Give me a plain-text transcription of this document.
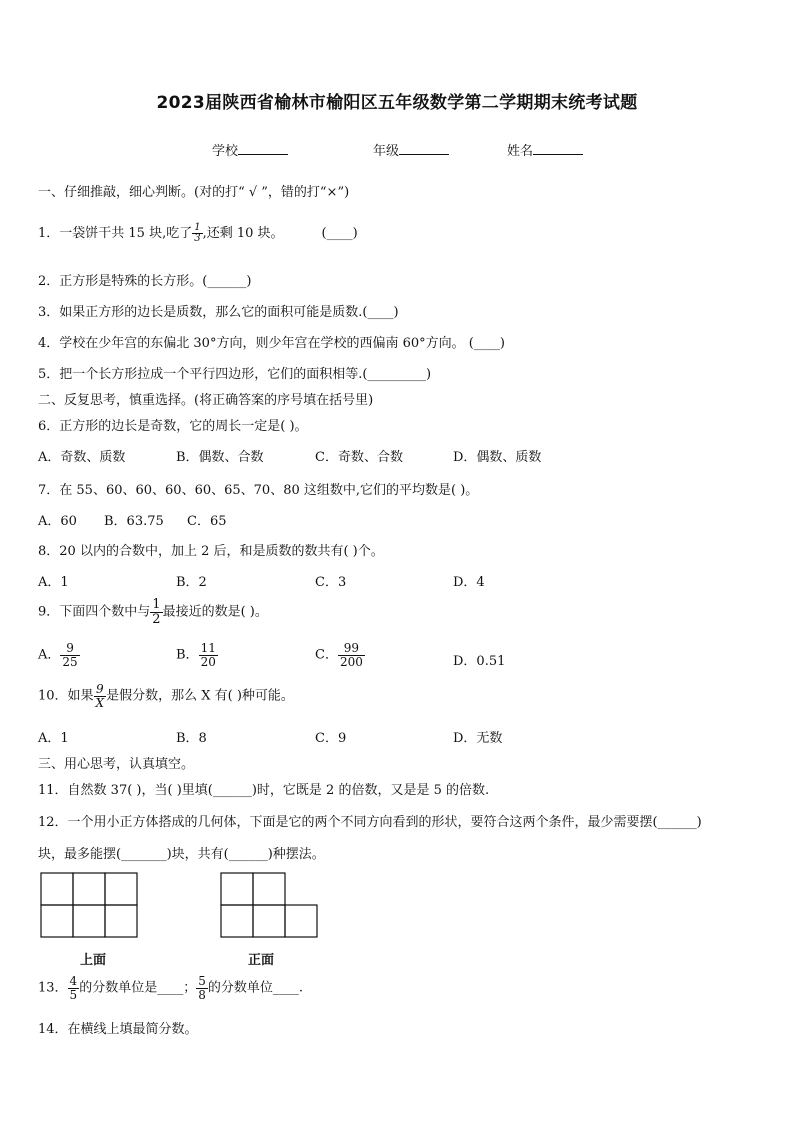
2023届陕西省榆林市榆阳区五年级数学第二学期期末统考试题
学校	年级	姓名
一、仔细推敲，细心判断。(对的打“ √ ”，错的打“×”)
1．一袋饼干共 15 块,吃了 $\frac{1}{3}$ ,还剩 10 块。	(____)
2．正方形是特殊的长方形。(______)
3．如果正方形的边长是质数，那么它的面积可能是质数.(____)
4．学校在少年宫的东偏北 30°方向，则少年宫在学校的西偏南 60°方向。 (____)
5．把一个长方形拉成一个平行四边形，它们的面积相等.(_________)
二、反复思考，慎重选择。(将正确答案的序号填在括号里)
6．正方形的边长是奇数，它的周长一定是( )。
A．奇数、质数	B．偶数、合数	C．奇数、合数	D．偶数、质数
7．在 55、60、60、60、60、65、70、80 这组数中,它们的平均数是( )。
A．60 B．63.75 C．65
8．20 以内的合数中，加上 2 后，和是质数的数共有( )个。
A．1	B．2	C．3	D．4
9．下面四个数中与 $\frac{1}{2}$ 最接近的数是( )。
A． $\frac{9}{25}$	B． $\frac{11}{20}$	C． $\frac{99}{200}$	D．0.51
10．如果 $\frac{9}{X}$ 是假分数，那么 X 有( )种可能。
A．1	B．8	C．9	D．无数
三、用心思考，认真填空。
11．自然数 37( )，当( )里填(______)时，它既是 2 的倍数，又是是 5 的倍数.
12．一个用小正方体搭成的几何体，下面是它的两个不同方向看到的形状，要符合这两个条件，最少需要摆(______)
块，最多能摆(_______)块，共有(______)种摆法。
上面	正面
13． $\frac{4}{5}$ 的分数单位是____； $\frac{5}{8}$ 的分数单位____.
14．在横线上填最简分数。
